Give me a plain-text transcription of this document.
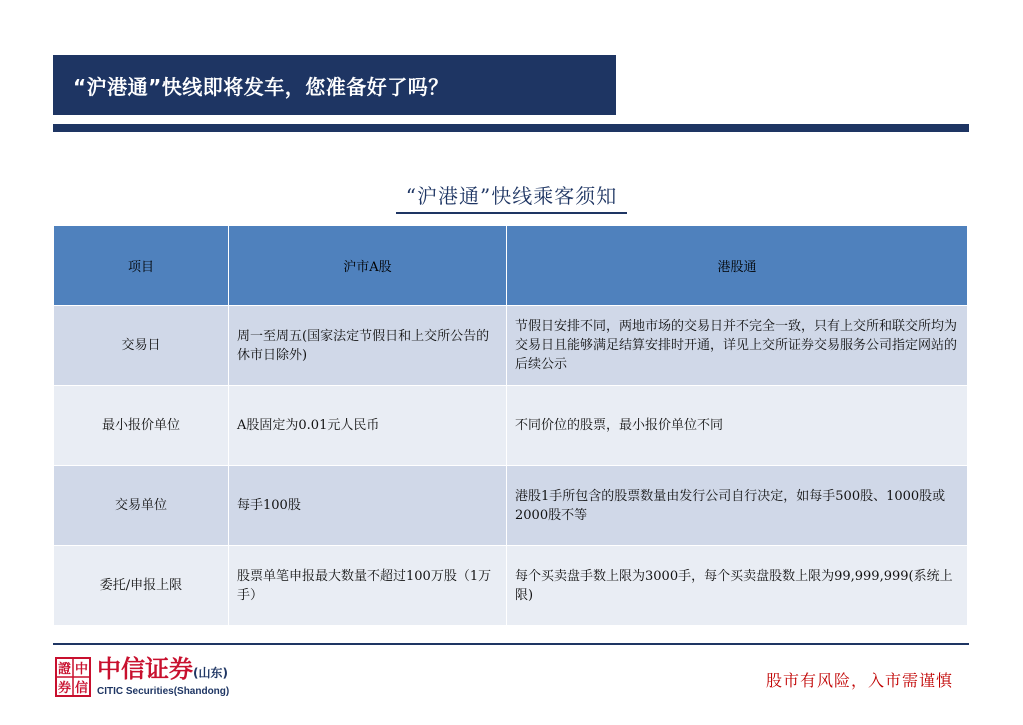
“沪港通”快线即将发车，您准备好了吗？
“沪港通”快线乘客须知
项目	沪市A股	港股通
交易日	周一至周五(国家法定节假日和上交所公告的休市日除外)	节假日安排不同，两地市场的交易日并不完全一致，只有上交所和联交所均为交易日且能够满足结算安排时开通，详见上交所证券交易服务公司指定网站的后续公示
最小报价单位	A股固定为0.01元人民币	不同价位的股票，最小报价单位不同
交易单位	每手100股	港股1手所包含的股票数量由发行公司自行决定，如每手500股、1000股或2000股不等
委托/申报上限	股票单笔申报最大数量不超过100万股（1万手）	每个买卖盘手数上限为3000手，每个买卖盘股数上限为99,999,999(系统上限)
證 中
券 信
中信证券(山东)
CITIC Securities(Shandong)
股市有风险，入市需谨慎
